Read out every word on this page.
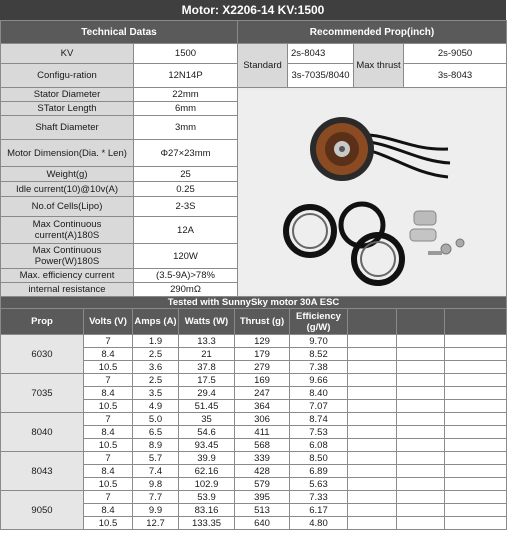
Motor: X2206-14 KV:1500
Technical Datas		Recommended Prop(inch)			
KV	1500	Standard	2s-8043	Max thrust	2s-9050
Configu-ration	12N14P		3s-7035/8040		3s-8043
Stator Diameter	22mm	

STator Length	6mm				
Shaft Diameter	3mm				
Motor Dimension(Dia. * Len)	Φ27×23mm				
Weight(g)	25				
Idle current(10)@10v(A)	0.25				
No.of Cells(Lipo)	2-3S				
Max Continuous current(A)180S	12A				
Max Continuous Power(W)180S	120W				
Max. efficiency current	(3.5-9A)>78%				
internal resistance	290mΩ				
Tested with SunnySky motor 30A ESC								
Prop	Volts (V)	Amps (A)	Watts (W)	Thrust (g)	Efficiency (g/W)			
6030	7	1.9	13.3	129	9.70			
	8.4	2.5	21	179	8.52			
	10.5	3.6	37.8	279	7.38			
7035	7	2.5	17.5	169	9.66			
	8.4	3.5	29.4	247	8.40			
	10.5	4.9	51.45	364	7.07			
8040	7	5.0	35	306	8.74			
	8.4	6.5	54.6	411	7.53			
	10.5	8.9	93.45	568	6.08			
8043	7	5.7	39.9	339	8.50			
	8.4	7.4	62.16	428	6.89			
	10.5	9.8	102.9	579	5.63			
9050	7	7.7	53.9	395	7.33			
	8.4	9.9	83.16	513	6.17			
	10.5	12.7	133.35	640	4.80			
